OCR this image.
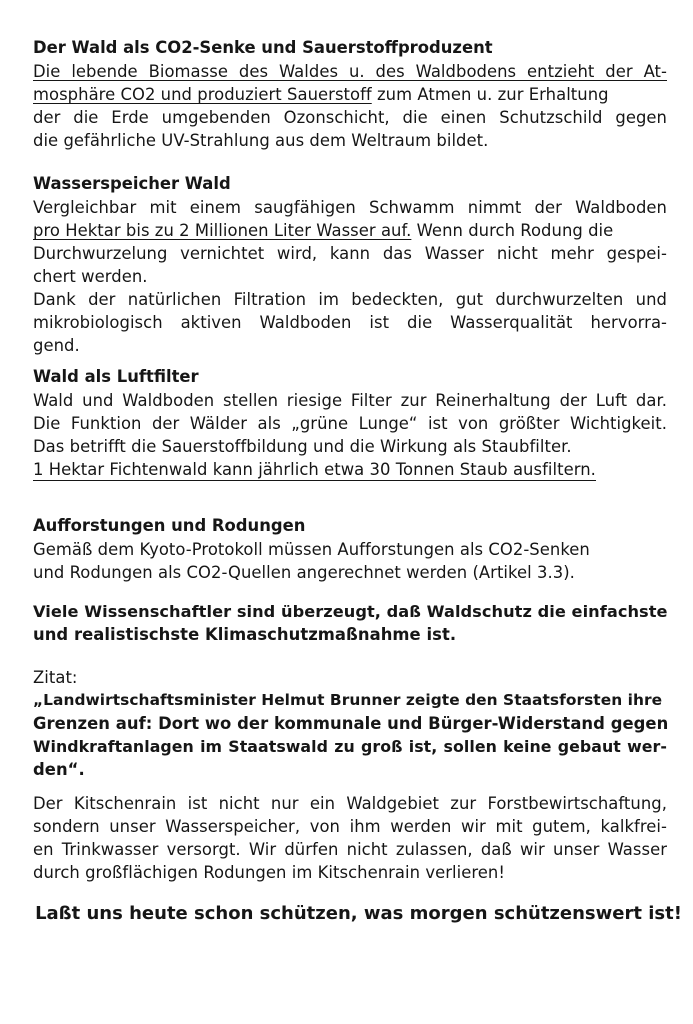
Der Wald als CO2-Senke und Sauerstoffproduzent
Die lebende Biomasse des Waldes u. des Waldbodens entzieht der At-
mosphäre CO2 und produziert Sauerstoff zum Atmen u. zur Erhaltung
der die Erde umgebenden Ozonschicht, die einen Schutzschild gegen
die gefährliche UV-Strahlung aus dem Weltraum bildet.
Wasserspeicher Wald
Vergleichbar mit einem saugfähigen Schwamm nimmt der Waldboden
pro Hektar bis zu 2 Millionen Liter Wasser auf. Wenn durch Rodung die
Durchwurzelung vernichtet wird, kann das Wasser nicht mehr gespei-
chert werden.
Dank der natürlichen Filtration im bedeckten, gut durchwurzelten und
mikrobiologisch aktiven Waldboden ist die Wasserqualität hervorra-
gend.
Wald als Luftfilter
Wald und Waldboden stellen riesige Filter zur Reinerhaltung der Luft dar.
Die Funktion der Wälder als „grüne Lunge“ ist von größter Wichtigkeit.
Das betrifft die Sauerstoffbildung und die Wirkung als Staubfilter.
1 Hektar Fichtenwald kann jährlich etwa 30 Tonnen Staub ausfiltern.
Aufforstungen und Rodungen
Gemäß dem Kyoto-Protokoll müssen Aufforstungen als CO2-Senken
und Rodungen als CO2-Quellen angerechnet werden (Artikel 3.3).
Viele Wissenschaftler sind überzeugt, daß Waldschutz die einfachste
und realistischste Klimaschutzmaßnahme ist.
Zitat:
„Landwirtschaftsminister Helmut Brunner zeigte den Staatsforsten ihre
Grenzen auf: Dort wo der kommunale und Bürger-Widerstand gegen
Windkraftanlagen im Staatswald zu groß ist, sollen keine gebaut wer-
den“.
Der Kitschenrain ist nicht nur ein Waldgebiet zur Forstbewirtschaftung,
sondern unser Wasserspeicher, von ihm werden wir mit gutem, kalkfrei-
en Trinkwasser versorgt. Wir dürfen nicht zulassen, daß wir unser Wasser
durch großflächigen Rodungen im Kitschenrain verlieren!
Laßt uns heute schon schützen, was morgen schützenswert ist!
